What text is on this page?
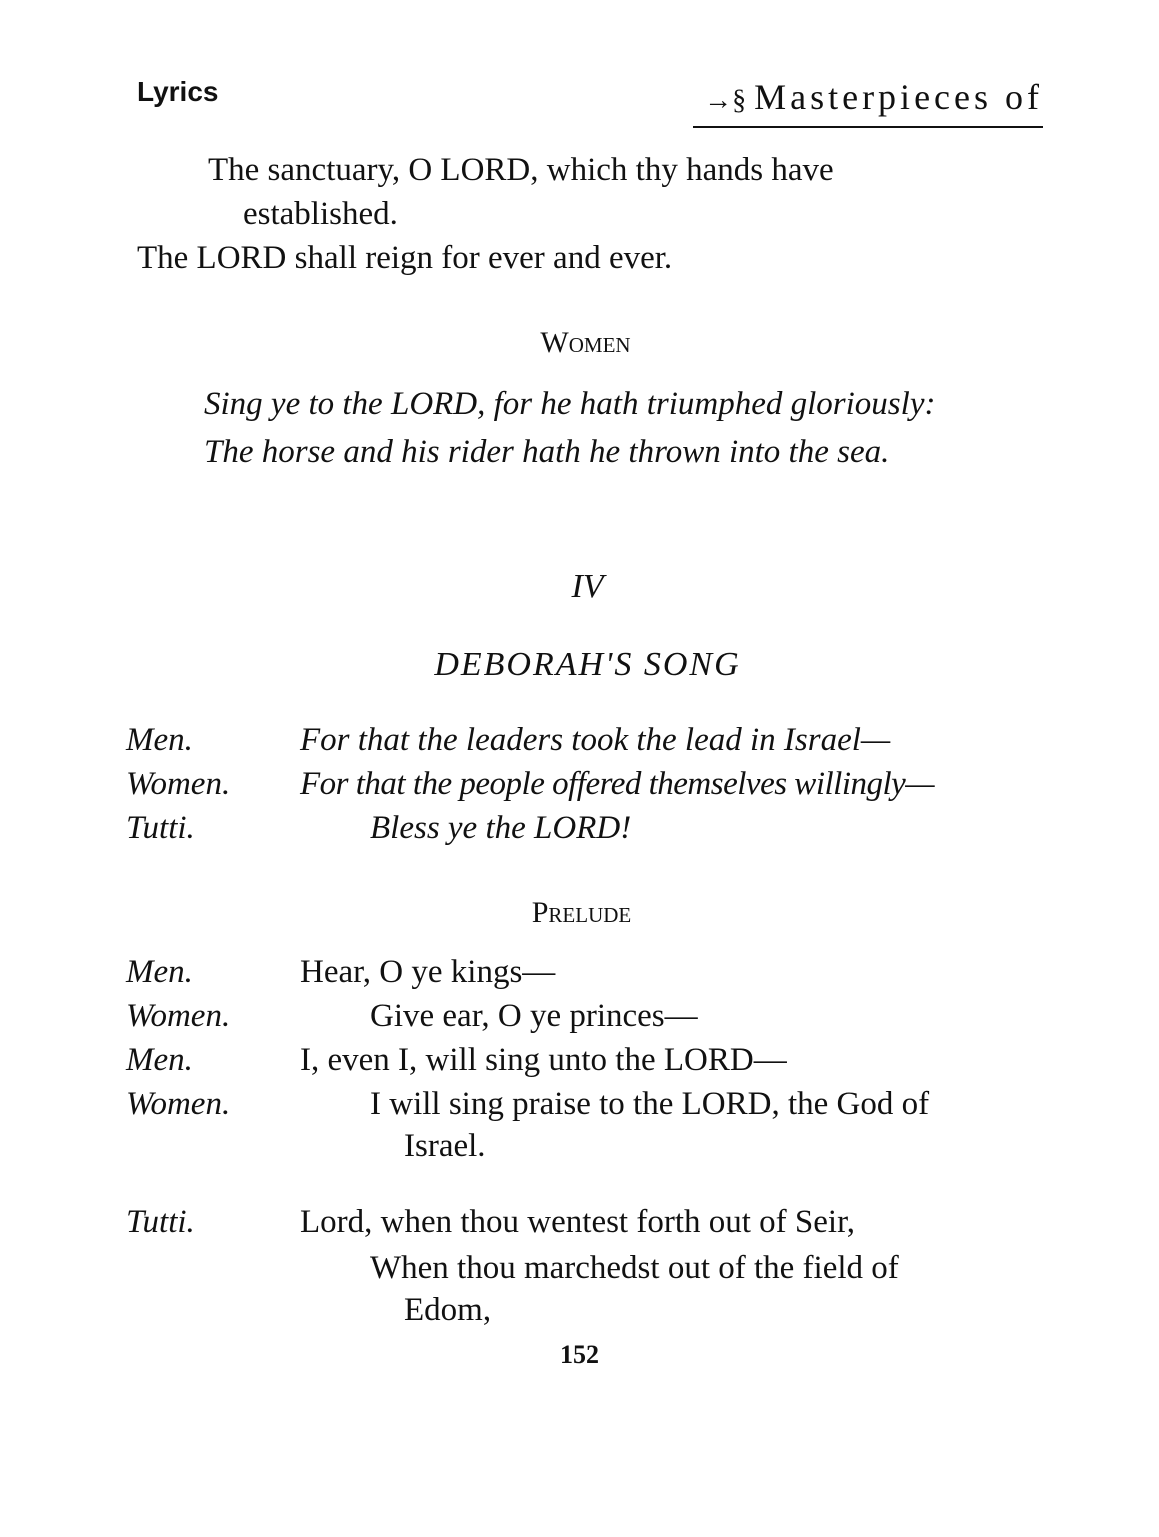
Lyrics	→§ Masterpieces of
The sanctuary, O LORD, which thy hands have
established.
The LORD shall reign for ever and ever.
Women
Sing ye to the LORD, for he hath triumphed gloriously:
The horse and his rider hath he thrown into the sea.
IV
DEBORAH'S SONG
Men.	For that the leaders took the lead in Israel—
Women. For that the people offered themselves willingly—
Tutti.	Bless ye the LORD!
Prelude
Men.	Hear, O ye kings—
Women.	Give ear, O ye princes—
Men.	I, even I, will sing unto the LORD—
Women.	I will sing praise to the LORD, the God of
Israel.
Tutti.	Lord, when thou wentest forth out of Seir,
When thou marchedst out of the field of
Edom,
152
